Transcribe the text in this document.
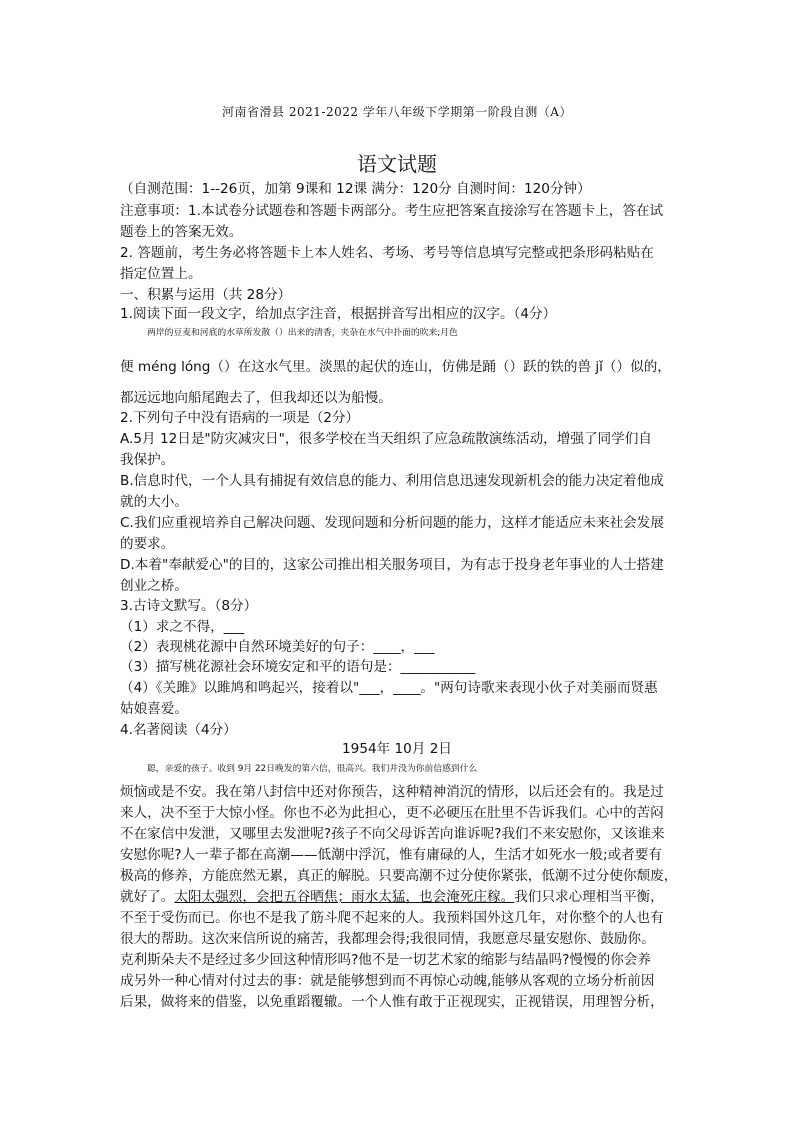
河南省滑县 2021-2022 学年八年级下学期第一阶段自测（A）
语文试题
（自测范围：1--26页，加第 9课和 12课 满分：120分 自测时间：120分钟）
注意事项：1.本试卷分试题卷和答题卡两部分。考生应把答案直接涂写在答题卡上，答在试
题卷上的答案无效。
2. 答题前，考生务必将答题卡上本人姓名、考场、考号等信息填写完整或把条形码粘贴在
指定位置上。
一、积累与运用（共 28分）
1.阅读下面一段文字，给加点字注音，根据拼音写出相应的汉字。（4分）
两岸的豆麦和河底的水草所发散（）出来的清香，夹杂在水气中扑面的吹来;月色
便 méng lóng（）在这水气里。淡黑的起伏的连山，仿佛是踊（）跃的铁的兽 jǐ（）似的，
都远远地向船尾跑去了，但我却还以为船慢。
2.下列句子中没有语病的一项是（2分）
A.5月 12日是"防灾减灾日"，很多学校在当天组织了应急疏散演练活动，增强了同学们自
我保护。
B.信息时代，一个人具有捕捉有效信息的能力、利用信息迅速发现新机会的能力决定着他成
就的大小。
C.我们应重视培养自己解决问题、发现问题和分析问题的能力，这样才能适应未来社会发展
的要求。
D.本着"奉献爱心"的目的，这家公司推出相关服务项目，为有志于投身老年事业的人士搭建
创业之桥。
3.古诗文默写。（8分）
（1）求之不得，___
（2）表现桃花源中自然环境美好的句子：____，___
（3）描写桃花源社会环境安定和平的语句是：___________
（4）《关雎》以雎鸠和鸣起兴，接着以"___，____。"两句诗歌来表现小伙子对美丽而贤惠
姑娘喜爱。
4.名著阅读（4分）
1954年 10月 2日
聪，亲爱的孩子。收到 9月 22日晚发的第六信，很高兴。我们并没为你前信感到什么
烦恼或是不安。我在第八封信中还对你预告，这种精神消沉的情形，以后还会有的。我是过
来人，决不至于大惊小怪。你也不必为此担心，更不必硬压在肚里不告诉我们。心中的苦闷
不在家信中发泄，又哪里去发泄呢?孩子不向父母诉苦向谁诉呢?我们不来安慰你，又该谁来
安慰你呢?人一辈子都在高潮——低潮中浮沉，惟有庸碌的人，生活才如死水一般;或者要有
极高的修养，方能庶然无累，真正的解脱。只要高潮不过分使你紧张，低潮不过分使你颓废，
就好了。太阳太强烈，会把五谷晒焦；雨水太猛，也会淹死庄稼。我们只求心理相当平衡，
不至于受伤而已。你也不是我了筋斗爬不起来的人。我预料国外这几年，对你整个的人也有
很大的帮助。这次来信所说的痛苦，我都理会得;我很同情，我愿意尽量安慰你、鼓励你。
克利斯朵夫不是经过多少回这种情形吗?他不是一切艺术家的缩影与结晶吗?慢慢的你会养
成另外一种心情对付过去的事：就是能够想到而不再惊心动魄,能够从客观的立场分析前因
后果，做将来的借鉴，以免重蹈覆辙。一个人惟有敢于正视现实，正视错误，用理智分析，
